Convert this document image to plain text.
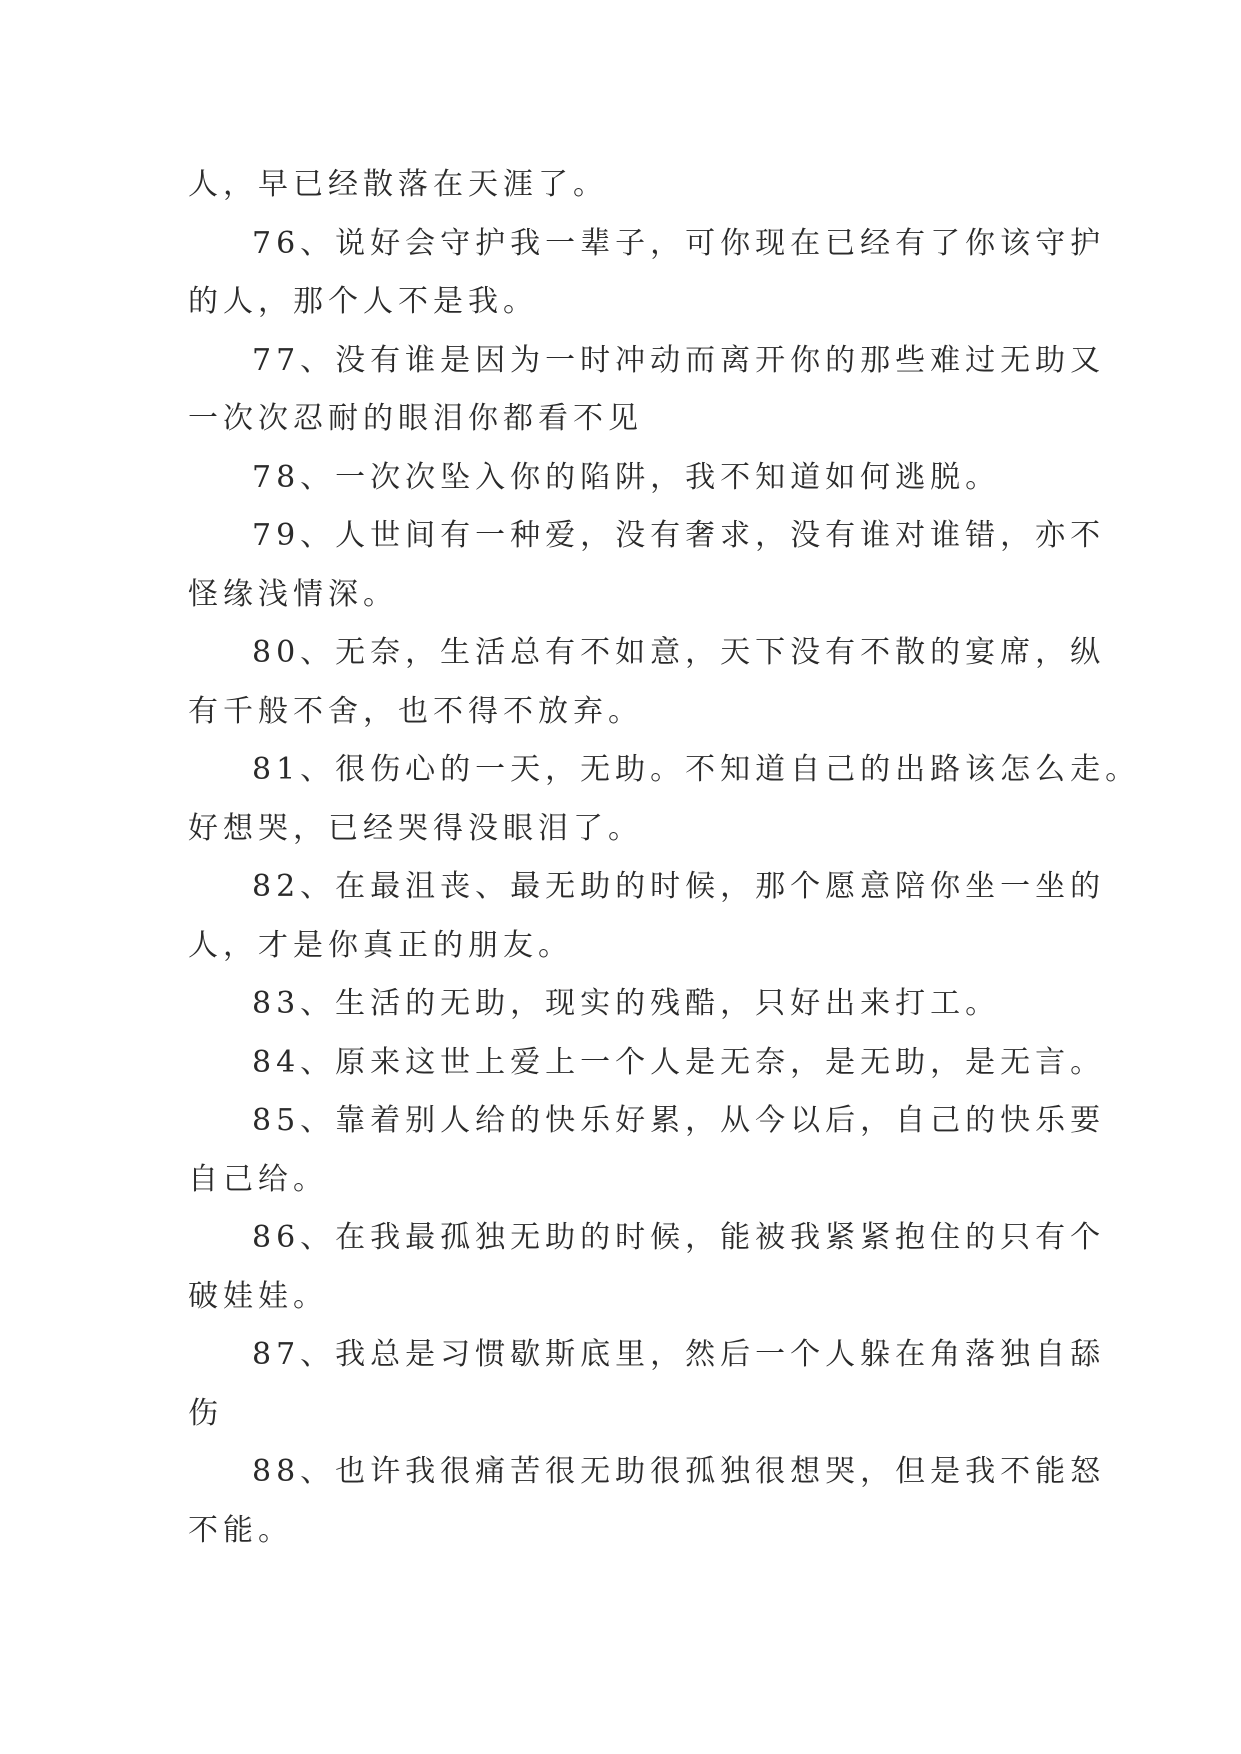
人，早已经散落在天涯了。

76、说好会守护我一辈子，可你现在已经有了你该守护
的人，那个人不是我。

77、没有谁是因为一时冲动而离开你的那些难过无助又
一次次忍耐的眼泪你都看不见

78、一次次坠入你的陷阱，我不知道如何逃脱。

79、人世间有一种爱，没有奢求，没有谁对谁错，亦不
怪缘浅情深。

80、无奈，生活总有不如意，天下没有不散的宴席，纵
有千般不舍，也不得不放弃。

81、很伤心的一天，无助。不知道自己的出路该怎么走。
好想哭，已经哭得没眼泪了。

82、在最沮丧、最无助的时候，那个愿意陪你坐一坐的
人，才是你真正的朋友。

83、生活的无助，现实的残酷，只好出来打工。

84、原来这世上爱上一个人是无奈，是无助，是无言。

85、靠着别人给的快乐好累，从今以后，自己的快乐要
自己给。

86、在我最孤独无助的时候，能被我紧紧抱住的只有个
破娃娃。

87、我总是习惯歇斯底里，然后一个人躲在角落独自舔
伤

88、也许我很痛苦很无助很孤独很想哭，但是我不能怒
不能。
